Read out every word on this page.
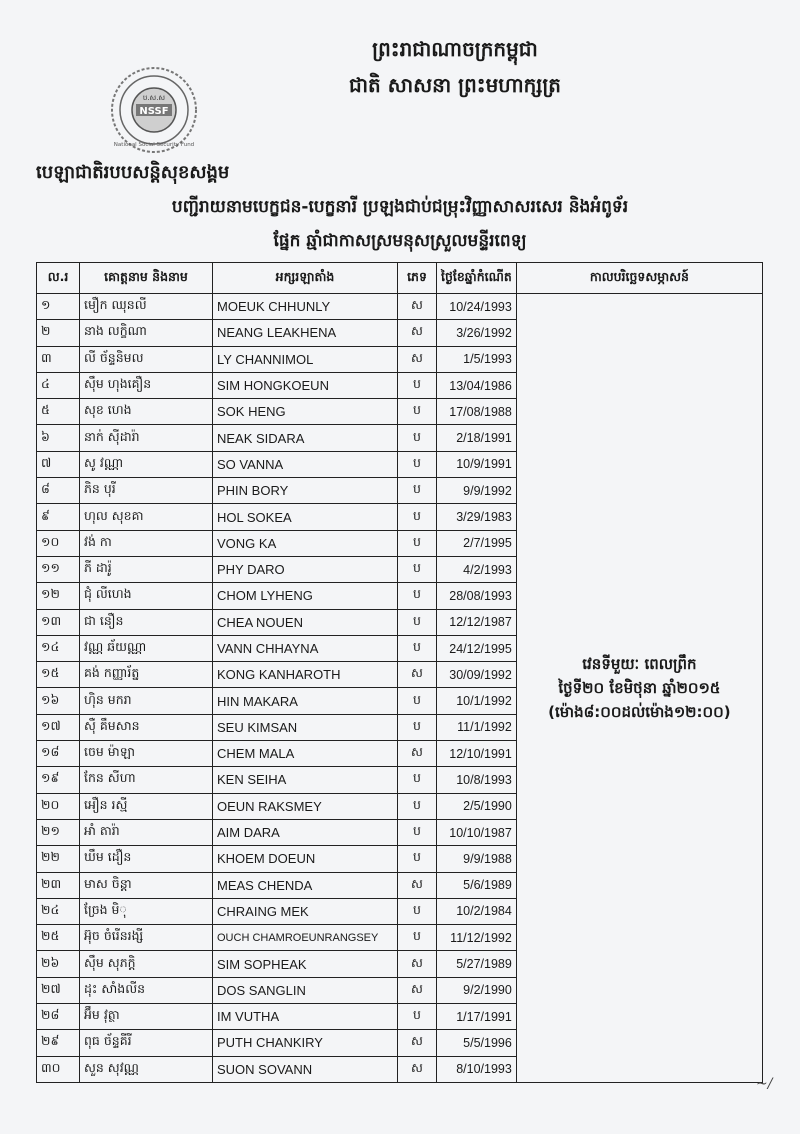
ព្រះរាជាណាចក្រកម្ពុជា
ជាតិ សាសនា ព្រះមហាក្សត្រ
NSSF
ប.ស.ស
National Social Security Fund
បេឡាជាតិរបបសន្តិសុខសង្គម
បញ្ជីរាយនាមបេក្ខជន-បេក្ខនារី ប្រឡងជាប់ជម្រុះវិញ្ញាសាសរសេរ និងអំពូទ័រ
ផ្នែក ឆ្មាំជាកាសស្រមនុសស្រួលមន្ទីរពេទ្យ
ល.រ	គោត្តនាម និងនាម	អក្សរឡាតាំង	ភេទ	ថ្ងៃខែឆ្នាំកំណើត	កាលបរិច្ឆេទសម្ភាសន៍
១	មឿក ឈុនលី	MOEUK CHHUNLY	ស	10/24/1993	វេនទីមួយៈ ពេលព្រឹក
ថ្ងៃទី២០ ខែមិថុនា ឆ្នាំ២០១៥
(ម៉ោង៨:០០ដល់ម៉ោង១២:០០)

២	នាង លក្ខិណា	NEANG LEAKHENA	ស	3/26/1992	
៣	លី ច័ន្ទនិមល	LY CHANNIMOL	ស	1/5/1993	
៤	ស៊ឹម ហុងគឿន	SIM HONGKOEUN	ប	13/04/1986	
៥	សុខ ហេង	SOK HENG	ប	17/08/1988	
៦	នាក់ ស៊ីដារ៉ា	NEAK SIDARA	ប	2/18/1991	
៧	សូ វណ្ណា	SO VANNA	ប	10/9/1991	
៨	ភិន បុរី	PHIN BORY	ប	9/9/1992	
៩	ហុល សុខគា	HOL SOKEA	ប	3/29/1983	
១០	វង់ កា	VONG KA	ប	2/7/1995	
១១	ភី ដារ៉ូ	PHY DARO	ប	4/2/1993	
១២	ជុំ លីហេង	CHOM LYHENG	ប	28/08/1993	
១៣	ជា នឿន	CHEA NOUEN	ប	12/12/1987	
១៤	វណ្ណ ឆ័យណ្ណា	VANN CHHAYNA	ប	24/12/1995	
១៥	គង់ កញ្ញារ័ត្ន	KONG KANHAROTH	ស	30/09/1992	
១៦	ហ៊ិន មករា	HIN MAKARA	ប	10/1/1992	
១៧	ស៊ឺ គឹមសាន	SEU KIMSAN	ប	11/1/1992	
១៨	ចេម ម៉ាឡា	CHEM MALA	ស	12/10/1991	
១៩	កែន សីហា	KEN SEIHA	ប	10/8/1993	
២០	អឿន រស្មី	OEUN RAKSMEY	ប	2/5/1990	
២១	អាំ តារ៉ា	AIM DARA	ប	10/10/1987	
២២	ឃឹម ដឿន	KHOEM DOEUN	ប	9/9/1988	
២៣	មាស ចិន្តា	MEAS CHENDA	ស	5/6/1989	
២៤	ច្រែង មិុ	CHRAING MEK	ប	10/2/1984	
២៥	អ៊ុច ចំរើនរង្សី	OUCH CHAMROEUNRANGSEY	ប	11/12/1992	
២៦	ស៊ឹម សុភក្តិ	SIM SOPHEAK	ស	5/27/1989	
២៧	ដុះ សាំងលីន	DOS SANGLIN	ស	9/2/1990	
២៨	អ៊ឹម វុត្ថា	IM VUTHA	ប	1/17/1991	
២៩	ពុធ ច័ន្ទគីរី	PUTH CHANKIRY	ស	5/5/1996	
៣០	សួន សុវណ្ណ	SUON SOVANN	ស	8/10/1993	
~/
